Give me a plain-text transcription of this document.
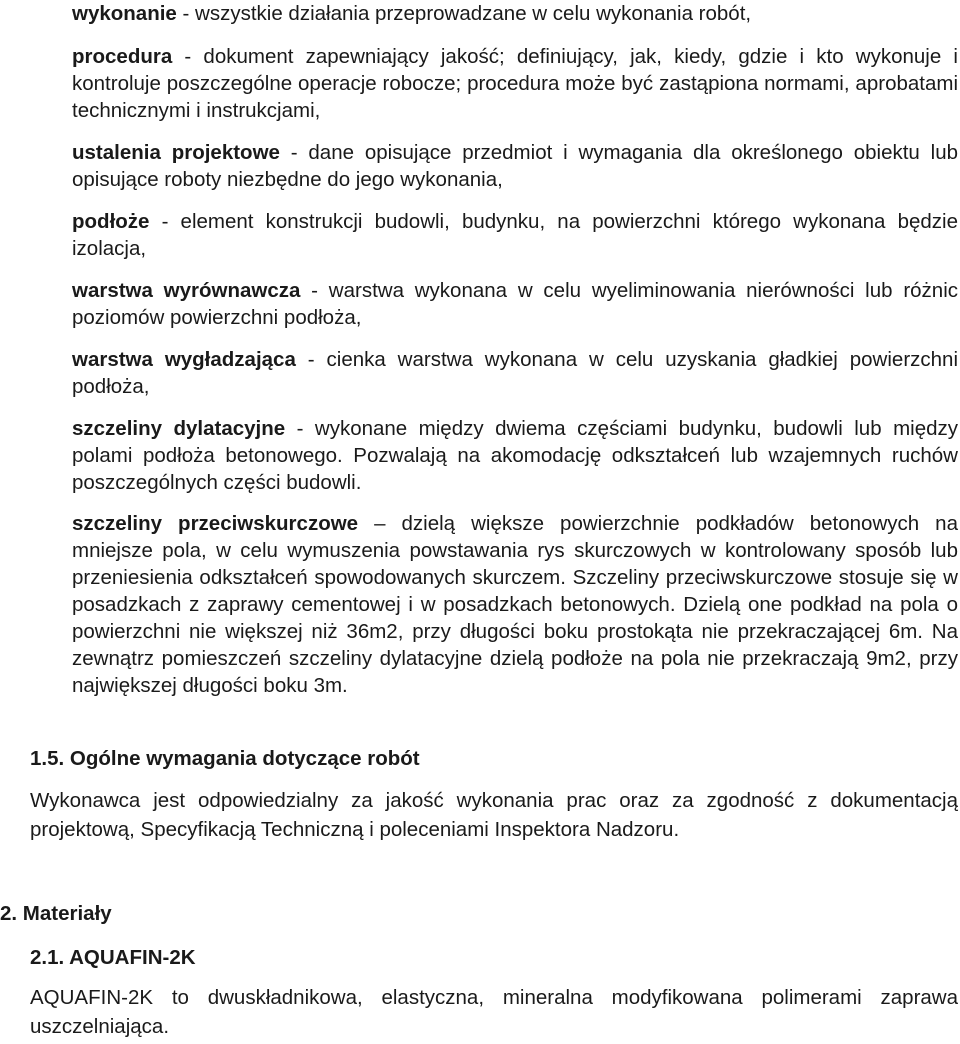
wykonanie - wszystkie działania przeprowadzane w celu wykonania robót,

procedura - dokument zapewniający jakość; definiujący, jak, kiedy, gdzie i kto wykonuje i kontroluje poszczególne operacje robocze; procedura może być zastąpiona normami, aprobatami technicznymi i instrukcjami,

ustalenia projektowe - dane opisujące przedmiot i wymagania dla określonego obiektu lub opisujące roboty niezbędne do jego wykonania,

podłoże - element konstrukcji budowli, budynku, na powierzchni którego wykonana będzie izolacja,

warstwa wyrównawcza - warstwa wykonana w celu wyeliminowania nierówności lub różnic poziomów powierzchni podłoża,

warstwa wygładzająca - cienka warstwa wykonana w celu uzyskania gładkiej powierzchni podłoża,

szczeliny dylatacyjne - wykonane między dwiema częściami budynku, budowli lub między polami podłoża betonowego. Pozwalają na akomodację odkształceń lub wzajemnych ruchów poszczególnych części budowli.

szczeliny przeciwskurczowe – dzielą większe powierzchnie podkładów betonowych na mniejsze pola, w celu wymuszenia powstawania rys skurczowych w kontrolowany sposób lub przeniesienia odkształceń spowodowanych skurczem. Szczeliny przeciwskurczowe stosuje się w posadzkach z zaprawy cementowej i w posadzkach betonowych. Dzielą one podkład na pola o powierzchni nie większej niż 36m2, przy długości boku prostokąta nie przekraczającej 6m. Na zewnątrz pomieszczeń szczeliny dylatacyjne dzielą podłoże na pola nie przekraczają 9m2, przy największej długości boku 3m.

1.5. Ogólne wymagania dotyczące robót

Wykonawca jest odpowiedzialny za jakość wykonania prac oraz za zgodność z dokumentacją projektową, Specyfikacją Techniczną i poleceniami Inspektora Nadzoru.

2. Materiały

2.1. AQUAFIN-2K

AQUAFIN-2K to dwuskładnikowa, elastyczna, mineralna modyfikowana polimerami zaprawa uszczelniająca.
